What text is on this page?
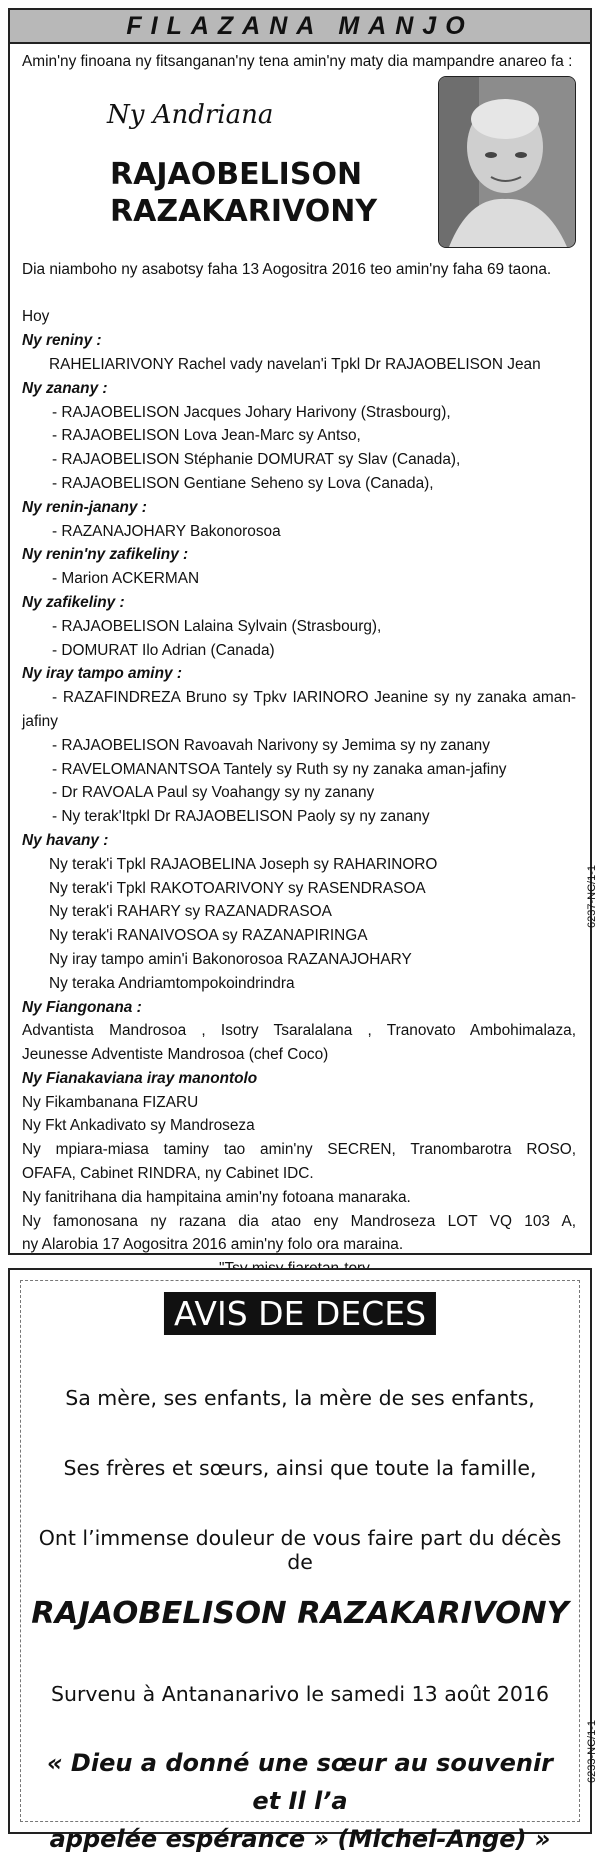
FILAZANA MANJO
Amin'ny finoana ny fitsanganan'ny tena amin'ny maty dia mampandre anareo fa :
Ny Andriana
RAJAOBELISON
RAZAKARIVONY
Dia niamboho ny asabotsy faha 13 Aogositra 2016 teo amin'ny faha 69 taona.
Hoy
Ny reniny :
RAHELIARIVONY Rachel vady navelan'i Tpkl Dr RAJAOBELISON Jean
Ny zanany :
- RAJAOBELISON Jacques Johary Harivony (Strasbourg),
- RAJAOBELISON Lova Jean-Marc sy Antso,
- RAJAOBELISON Stéphanie DOMURAT sy Slav (Canada),
- RAJAOBELISON Gentiane Seheno sy Lova (Canada),
Ny renin-janany :
- RAZANAJOHARY Bakonorosoa
Ny renin'ny zafikeliny :
- Marion ACKERMAN
Ny zafikeliny :
- RAJAOBELISON Lalaina Sylvain (Strasbourg),
- DOMURAT Ilo Adrian (Canada)
Ny iray tampo aminy :
- RAZAFINDREZA Bruno sy Tpkv IARINORO Jeanine sy ny zanaka aman-
jafiny
- RAJAOBELISON Ravoavah Narivony sy Jemima sy ny zanany
- RAVELOMANANTSOA Tantely sy Ruth sy ny zanaka aman-jafiny
- Dr RAVOALA Paul sy Voahangy sy ny zanany
- Ny terak'Itpkl Dr RAJAOBELISON Paoly sy ny zanany
Ny havany :
Ny terak'i Tpkl RAJAOBELINA Joseph sy RAHARINORO
Ny terak'i Tpkl RAKOTOARIVONY sy RASENDRASOA
Ny terak'i RAHARY sy RAZANADRASOA
Ny terak'i RANAIVOSOA sy RAZANAPIRINGA
Ny iray tampo amin'i Bakonorosoa RAZANAJOHARY
Ny teraka Andriamtompokoindrindra
Ny Fiangonana :
Advantista Mandrosoa , Isotry Tsaralalana , Tranovato Ambohimalaza,
Jeunesse Adventiste Mandrosoa (chef Coco)
Ny Fianakaviana iray manontolo
Ny Fikambanana FIZARU
Ny Fkt Ankadivato sy Mandroseza
Ny mpiara-miasa taminy tao amin'ny SECREN, Tranombarotra ROSO,
OFAFA, Cabinet RINDRA, ny Cabinet IDC.
Ny fanitrihana dia hampitaina amin'ny fotoana manaraka.
Ny famonosana ny razana dia atao eny Mandroseza LOT VQ 103 A,
ny Alarobia 17 Aogositra 2016 amin'ny folo ora maraina.
6237-NC/1-1
AVIS DE DECES
Sa mère, ses enfants, la mère de ses enfants,
Ses frères et sœurs, ainsi que toute la famille,
Ont l’immense douleur de vous faire part du décès de
RAJAOBELISON RAZAKARIVONY
Survenu à Antananarivo le samedi 13 août 2016
« Dieu a donné une sœur au souvenir et Il l’a
appelée espérance » (Michel-Ange) »
6233-NC/1-1
